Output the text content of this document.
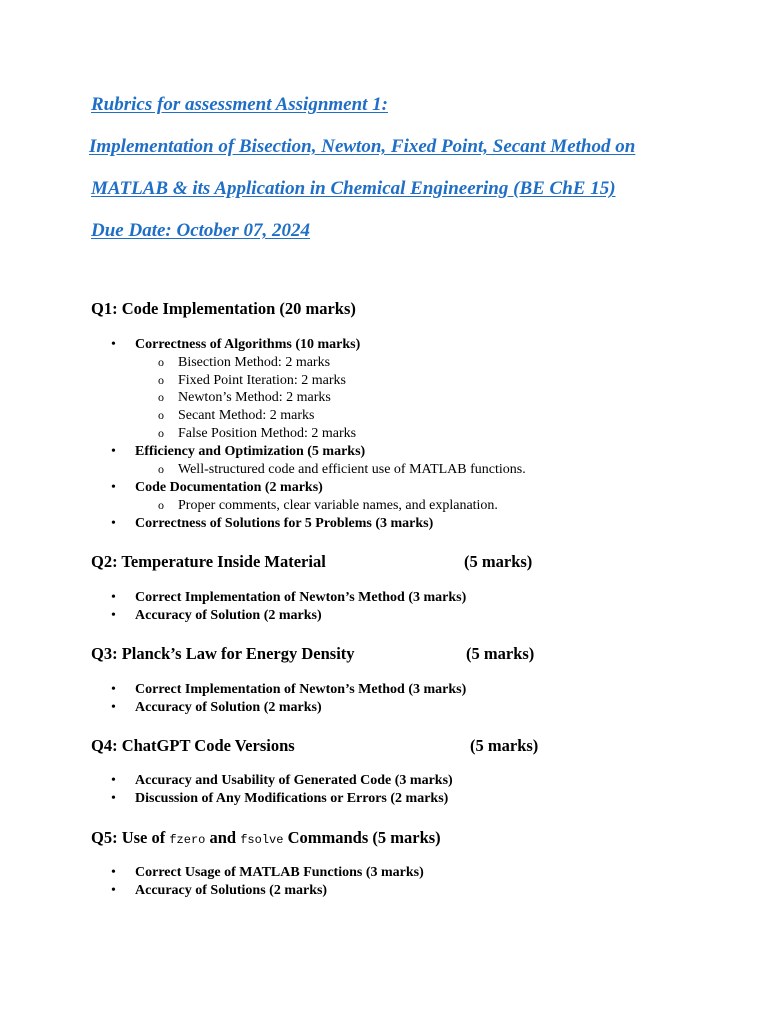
Rubrics for assessment Assignment 1:

Implementation of Bisection, Newton, Fixed Point, Secant Method on

MATLAB & its Application in Chemical Engineering (BE ChE 15)

Due Date: October 07, 2024

Q1: Code Implementation (20 marks)

• Correctness of Algorithms (10 marks)
o Bisection Method: 2 marks
o Fixed Point Iteration: 2 marks
o Newton’s Method: 2 marks
o Secant Method: 2 marks
o False Position Method: 2 marks
• Efficiency and Optimization (5 marks)
o Well-structured code and efficient use of MATLAB functions.
• Code Documentation (2 marks)
o Proper comments, clear variable names, and explanation.
• Correctness of Solutions for 5 Problems (3 marks)

Q2: Temperature Inside Material	(5 marks)
• Correct Implementation of Newton’s Method (3 marks)
• Accuracy of Solution (2 marks)

Q3: Planck’s Law for Energy Density	(5 marks)
• Correct Implementation of Newton’s Method (3 marks)
• Accuracy of Solution (2 marks)

Q4: ChatGPT Code Versions	(5 marks)
• Accuracy and Usability of Generated Code (3 marks)
• Discussion of Any Modifications or Errors (2 marks)

Q5: Use of fzero and fsolve Commands (5 marks)

• Correct Usage of MATLAB Functions (3 marks)
• Accuracy of Solutions (2 marks)
